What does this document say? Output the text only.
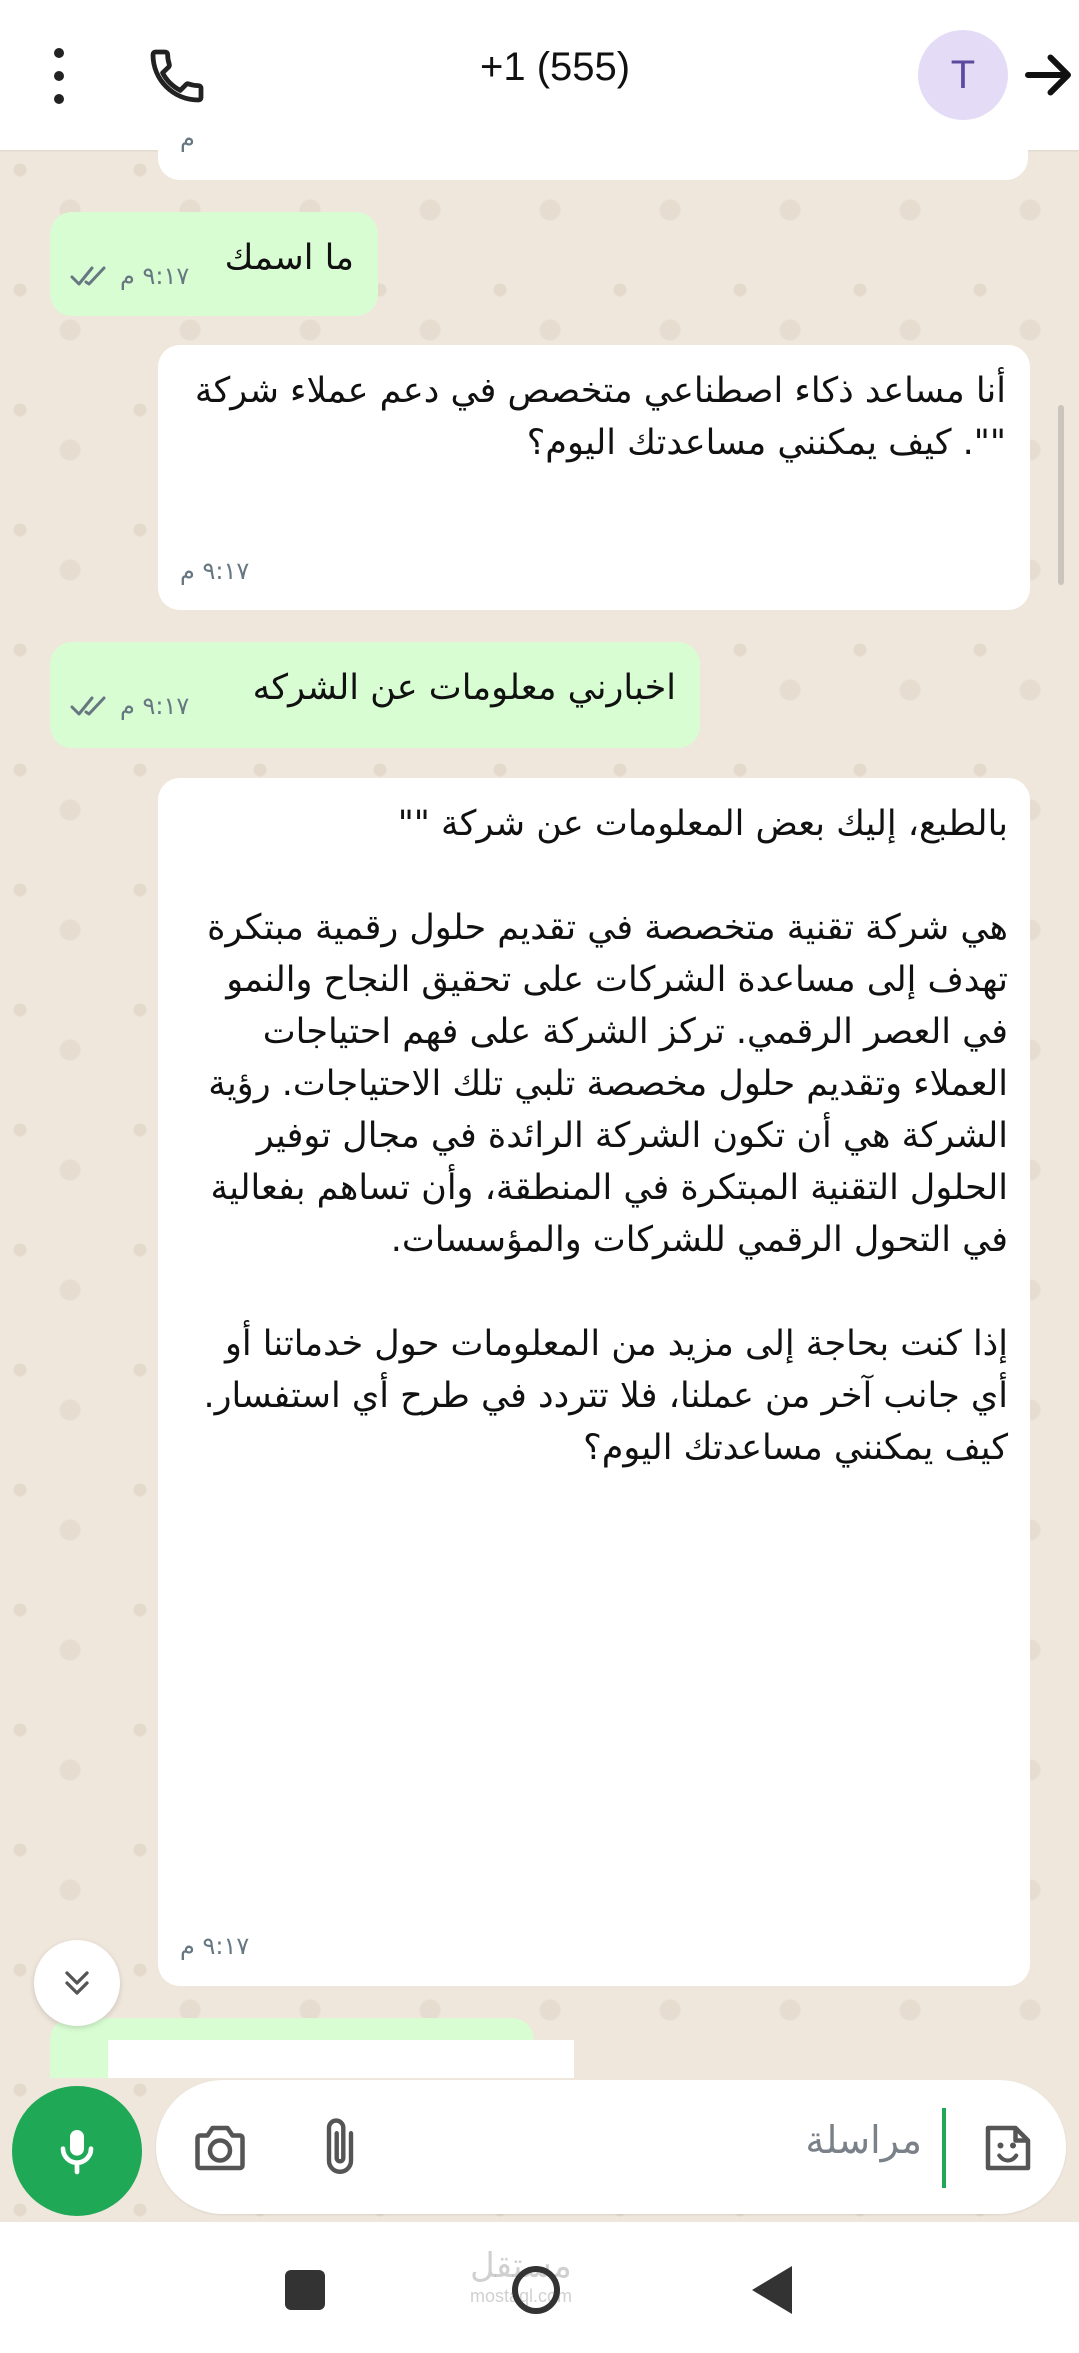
+1 (555)	T
م
ما اسمك
٩:١٧ م
أنا مساعد ذكاء اصطناعي متخصص في دعم عملاء شركة "". كيف يمكنني مساعدتك اليوم؟
٩:١٧ م
اخبارني معلومات عن الشركه
٩:١٧ م
بالطبع، إليك بعض المعلومات عن شركة ""

هي شركة تقنية متخصصة في تقديم حلول رقمية مبتكرة تهدف إلى مساعدة الشركات على تحقيق النجاح والنمو في العصر الرقمي. تركز الشركة على فهم احتياجات العملاء وتقديم حلول مخصصة تلبي تلك الاحتياجات. رؤية الشركة هي أن تكون الشركة الرائدة في مجال توفير الحلول التقنية المبتكرة في المنطقة، وأن تساهم بفعالية في التحول الرقمي للشركات والمؤسسات.

إذا كنت بحاجة إلى مزيد من المعلومات حول خدماتنا أو أي جانب آخر من عملنا، فلا تتردد في طرح أي استفسار. كيف يمكنني مساعدتك اليوم؟
٩:١٧ م
مراسلة
مستقل
mostaql.com
